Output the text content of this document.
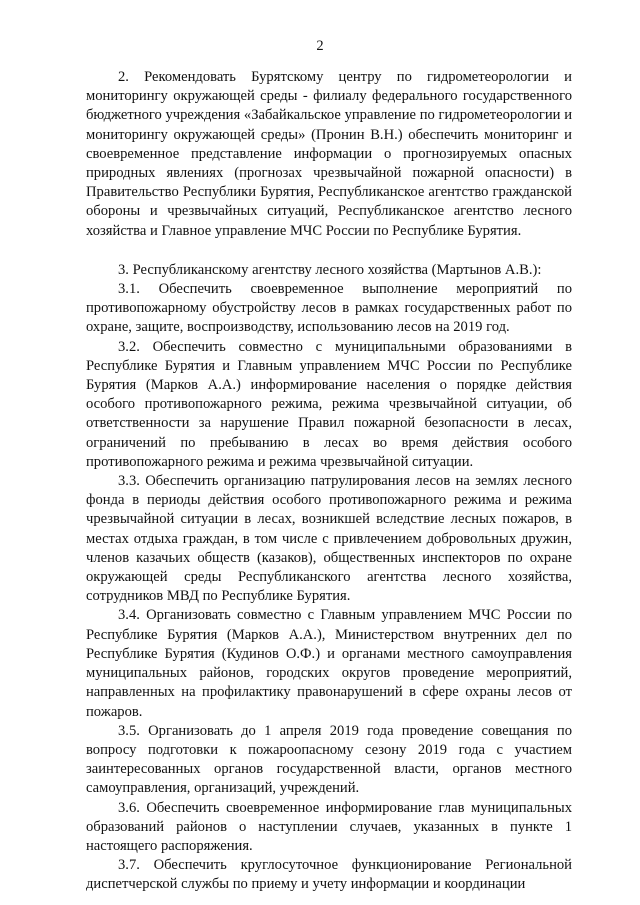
2

2. Рекомендовать Бурятскому центру по гидрометеорологии и мониторингу окружающей среды - филиалу федерального государственного бюджетного учреждения «Забайкальское управление по гидрометеорологии и мониторингу окружающей среды» (Пронин В.Н.) обеспечить мониторинг и своевременное представление информации о прогнозируемых опасных природных явлениях (прогнозах чрезвычайной пожарной опасности) в Правительство Республики Бурятия, Республиканское агентство гражданской обороны и чрезвычайных ситуаций, Республиканское агентство лесного хозяйства и Главное управление МЧС России по Республике Бурятия.

3. Республиканскому агентству лесного хозяйства (Мартынов А.В.):

3.1. Обеспечить своевременное выполнение мероприятий по противопожарному обустройству лесов в рамках государственных работ по охране, защите, воспроизводству, использованию лесов на 2019 год.

3.2. Обеспечить совместно с муниципальными образованиями в Республике Бурятия и Главным управлением МЧС России по Республике Бурятия (Марков А.А.) информирование населения о порядке действия особого противопожарного режима, режима чрезвычайной ситуации, об ответственности за нарушение Правил пожарной безопасности в лесах, ограничений по пребыванию в лесах во время действия особого противопожарного режима и режима чрезвычайной ситуации.

3.3. Обеспечить организацию патрулирования лесов на землях лесного фонда в периоды действия особого противопожарного режима и режима чрезвычайной ситуации в лесах, возникшей вследствие лесных пожаров, в местах отдыха граждан, в том числе с привлечением добровольных дружин, членов казачьих обществ (казаков), общественных инспекторов по охране окружающей среды Республиканского агентства лесного хозяйства, сотрудников МВД по Республике Бурятия.

3.4. Организовать совместно с Главным управлением МЧС России по Республике Бурятия (Марков А.А.), Министерством внутренних дел по Республике Бурятия (Кудинов О.Ф.) и органами местного самоуправления муниципальных районов, городских округов проведение мероприятий, направленных на профилактику правонарушений в сфере охраны лесов от пожаров.

3.5. Организовать до 1 апреля 2019 года проведение совещания по вопросу подготовки к пожароопасному сезону 2019 года с участием заинтересованных органов государственной власти, органов местного самоуправления, организаций, учреждений.

3.6. Обеспечить своевременное информирование глав муниципальных образований районов о наступлении случаев, указанных в пункте 1 настоящего распоряжения.

3.7. Обеспечить круглосуточное функционирование Региональной диспетчерской службы по приему и учету информации и координации
